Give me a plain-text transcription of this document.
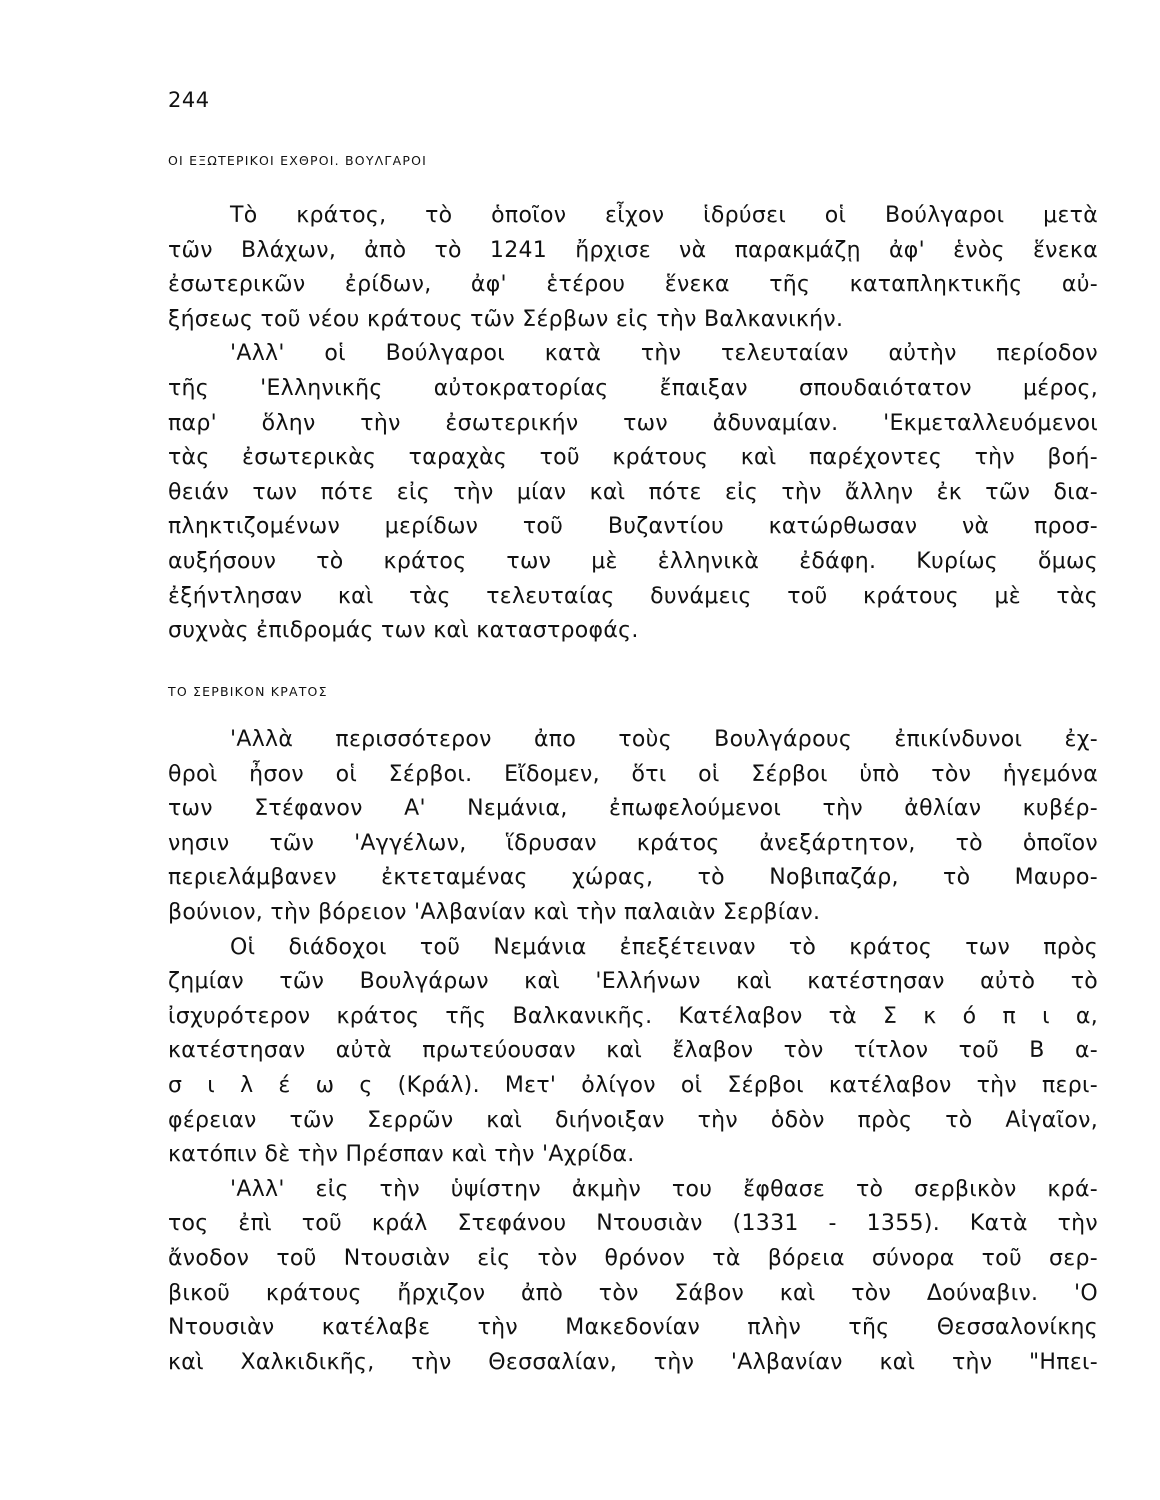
244
ΟΙ ΕΞΩΤΕΡΙΚΟΙ ΕΧΘΡΟΙ. ΒΟΥΛΓΑΡΟΙ
Τὸ κράτος, τὸ ὁποῖον εἶχον ἱδρύσει οἱ Βούλγαροι μετὰ
τῶν Βλάχων, ἀπὸ τὸ 1241 ἤρχισε νὰ παρακμάζῃ ἀφ' ἑνὸς ἕνεκα
ἐσωτερικῶν ἐρίδων, ἀφ' ἑτέρου ἕνεκα τῆς καταπληκτικῆς αὐ-
ξήσεως τοῦ νέου κράτους τῶν Σέρβων εἰς τὴν Βαλκανικήν.
'Αλλ' οἱ Βούλγαροι κατὰ τὴν τελευταίαν αὐτὴν περίοδον
τῆς 'Ελληνικῆς αὐτοκρατορίας ἔπαιξαν σπουδαιότατον μέρος,
παρ' ὅλην τὴν ἐσωτερικήν των ἀδυναμίαν. 'Εκμεταλλευόμενοι
τὰς ἐσωτερικὰς ταραχὰς τοῦ κράτους καὶ παρέχοντες τὴν βοή-
θειάν των πότε εἰς τὴν μίαν καὶ πότε εἰς τὴν ἄλλην ἐκ τῶν δια-
πληκτιζομένων μερίδων τοῦ Βυζαντίου κατώρθωσαν νὰ προσ-
αυξήσουν τὸ κράτος των μὲ ἑλληνικὰ ἐδάφη. Κυρίως ὅμως
ἐξήντλησαν καὶ τὰς τελευταίας δυνάμεις τοῦ κράτους μὲ τὰς
συχνὰς ἐπιδρομάς των καὶ καταστροφάς.
ΤΟ ΣΕΡΒΙΚΟΝ ΚΡΑΤΟΣ
'Αλλὰ περισσότερον ἀπο τοὺς Βουλγάρους ἐπικίνδυνοι ἐχ-
θροὶ ἦσον οἱ Σέρβοι. Εἴδομεν, ὅτι οἱ Σέρβοι ὑπὸ τὸν ἡγεμόνα
των Στέφανον Α' Νεμάνια, ἐπωφελούμενοι τὴν ἀθλίαν κυβέρ-
νησιν τῶν 'Αγγέλων, ἵδρυσαν κράτος ἀνεξάρτητον, τὸ ὁποῖον
περιελάμβανεν ἐκτεταμένας χώρας, τὸ Νοβιπαζάρ, τὸ Μαυρο-
βούνιον, τὴν βόρειον 'Αλβανίαν καὶ τὴν παλαιὰν Σερβίαν.
Οἱ διάδοχοι τοῦ Νεμάνια ἐπεξέτειναν τὸ κράτος των πρὸς
ζημίαν τῶν Βουλγάρων καὶ 'Ελλήνων καὶ κατέστησαν αὐτὸ τὸ
ἰσχυρότερον κράτος τῆς Βαλκανικῆς. Κατέλαβον τὰ Σ κ ό π ι α,
κατέστησαν αὐτὰ πρωτεύουσαν καὶ ἔλαβον τὸν τίτλον τοῦ Β α-
σ ι λ έ ω ς (Κράλ). Μετ' ὀλίγον οἱ Σέρβοι κατέλαβον τὴν περι-
φέρειαν τῶν Σερρῶν καὶ διήνοιξαν τὴν ὁδὸν πρὸς τὸ Αἰγαῖον,
κατόπιν δὲ τὴν Πρέσπαν καὶ τὴν 'Αχρίδα.
'Αλλ' εἰς τὴν ὑψίστην ἀκμὴν του ἔφθασε τὸ σερβικὸν κρά-
τος ἐπὶ τοῦ κράλ Στεφάνου Ντουσιὰν (1331 - 1355). Κατὰ τὴν
ἄνοδον τοῦ Ντουσιὰν εἰς τὸν θρόνον τὰ βόρεια σύνορα τοῦ σερ-
βικοῦ κράτους ἤρχιζον ἀπὸ τὸν Σάβον καὶ τὸν Δούναβιν. 'Ο
Ντουσιὰν κατέλαβε τὴν Μακεδονίαν πλὴν τῆς Θεσσαλονίκης
καὶ Χαλκιδικῆς, τὴν Θεσσαλίαν, τὴν 'Αλβανίαν καὶ τὴν "Ηπει-
